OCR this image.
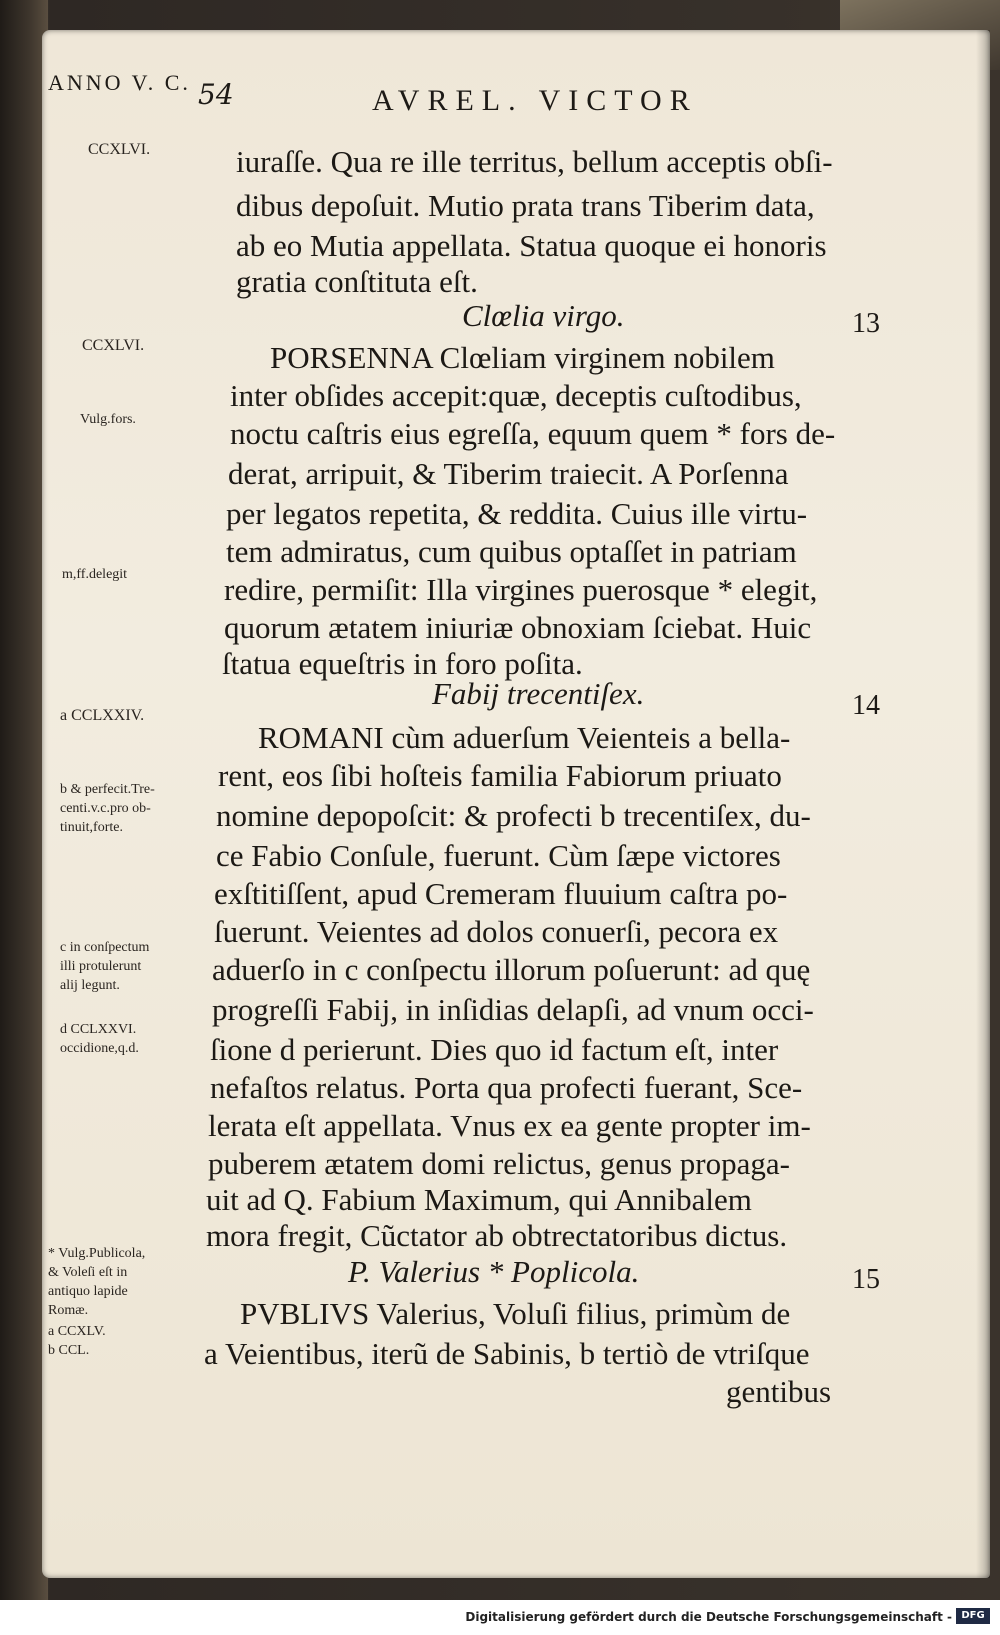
ANNO V. C. 54	AVREL. VICTOR
CCXLVI.
CCXLVI.
Vulg.fors.
m,ff.delegit
a CCLXXIV.
b & perfecit.Tre-
centi.v.c.pro ob-
tinuit,forte.
c in conſpectum
illi protulerunt
alij legunt.
d CCLXXVI.
occidione,q.d.
* Vulg.Publicola,
& Voleſi eſt in
antiquo lapide
Romæ.
a CCXLV.
b CCL.
Clœlia virgo.	13
Fabij trecentiſex.	14
P. Valerius * Poplicola.	15
iuraſſe. Qua re ille territus, bellum acceptis obſi-
dibus depoſuit. Mutio prata trans Tiberim data,
ab eo Mutia appellata. Statua quoque ei honoris
gratia conſtituta eſt.
PORSENNA Clœliam virginem nobilem
inter obſides accepit:quæ, deceptis cuſtodibus,
noctu caſtris eius egreſſa, equum quem * fors de-
derat, arripuit, & Tiberim traiecit. A Porſenna
per legatos repetita, & reddita. Cuius ille virtu-
tem admiratus, cum quibus optaſſet in patriam
redire, permiſit: Illa virgines puerosque * elegit,
quorum ætatem iniuriæ obnoxiam ſciebat. Huic
ſtatua equeſtris in foro poſita.
ROMANI cùm aduerſum Veienteis a bella-
rent, eos ſibi hoſteis familia Fabiorum priuato
nomine depopoſcit: & profecti b trecentiſex, du-
ce Fabio Conſule, fuerunt. Cùm ſæpe victores
exſtitiſſent, apud Cremeram fluuium caſtra po-
ſuerunt. Veientes ad dolos conuerſi, pecora ex
aduerſo in c conſpectu illorum poſuerunt: ad quę
progreſſi Fabij, in inſidias delapſi, ad vnum occi-
ſione d perierunt. Dies quo id factum eſt, inter
nefaſtos relatus. Porta qua profecti fuerant, Sce-
lerata eſt appellata. Vnus ex ea gente propter im-
puberem ætatem domi relictus, genus propaga-
uit ad Q. Fabium Maximum, qui Annibalem
mora fregit, Cũctator ab obtrectatoribus dictus.
PVBLIVS Valerius, Voluſi filius, primùm de
a Veientibus, iterũ de Sabinis, b tertiò de vtriſque
gentibus
Digitalisierung gefördert durch die Deutsche Forschungsgemeinschaft - DFG
